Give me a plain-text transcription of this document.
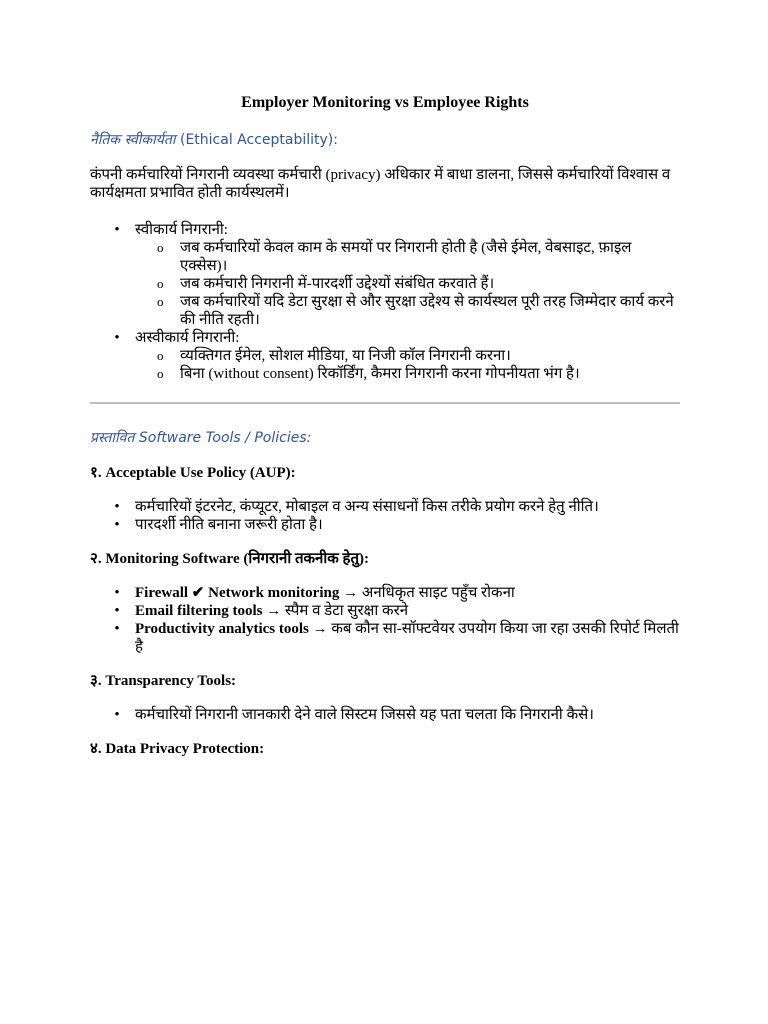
Employer Monitoring vs Employee Rights
नैतिक स्वीकार्यता (Ethical Acceptability):
कंपनी कर्मचारियों निगरानी व्यवस्था कर्मचारी (privacy) अधिकार में बाधा डालना, जिससे कर्मचारियों विश्वास व कार्यक्षमता प्रभावित होती कार्यस्थलमें।
• स्वीकार्य निगरानी:
o	जब कर्मचारियों केवल काम के समयों पर निगरानी होती है (जैसे ईमेल, वेबसाइट, फ़ाइल एक्सेस)।
o	जब कर्मचारी निगरानी में-पारदर्शी उद्देश्यों संबंधित करवाते हैं।
o	जब कर्मचारियों यदि डेटा सुरक्षा से और सुरक्षा उद्देश्य से कार्यस्थल पूरी तरह जिम्मेदार कार्य करने की नीति रहती।
• अस्वीकार्य निगरानी:
o	व्यक्तिगत ईमेल, सोशल मीडिया, या निजी कॉल निगरानी करना।
o	बिना (without consent) रिकॉर्डिंग, कैमरा निगरानी करना गोपनीयता भंग है।
प्रस्तावित Software Tools / Policies:
१. Acceptable Use Policy (AUP):
• कर्मचारियों इंटरनेट, कंप्यूटर, मोबाइल व अन्य संसाधनों किस तरीके प्रयोग करने हेतु नीति।
• पारदर्शी नीति बनाना जरूरी होता है।
२. Monitoring Software (निगरानी तकनीक हेतु):
• Firewall ✔ Network monitoring → अनधिकृत साइट पहुँच रोकना
• Email filtering tools → स्पैम व डेटा सुरक्षा करने
• Productivity analytics tools → कब कौन सा-सॉफ्टवेयर उपयोग किया जा रहा उसकी रिपोर्ट मिलती है
३. Transparency Tools:
• कर्मचारियों निगरानी जानकारी देने वाले सिस्टम जिससे यह पता चलता कि निगरानी कैसे।
४. Data Privacy Protection:
